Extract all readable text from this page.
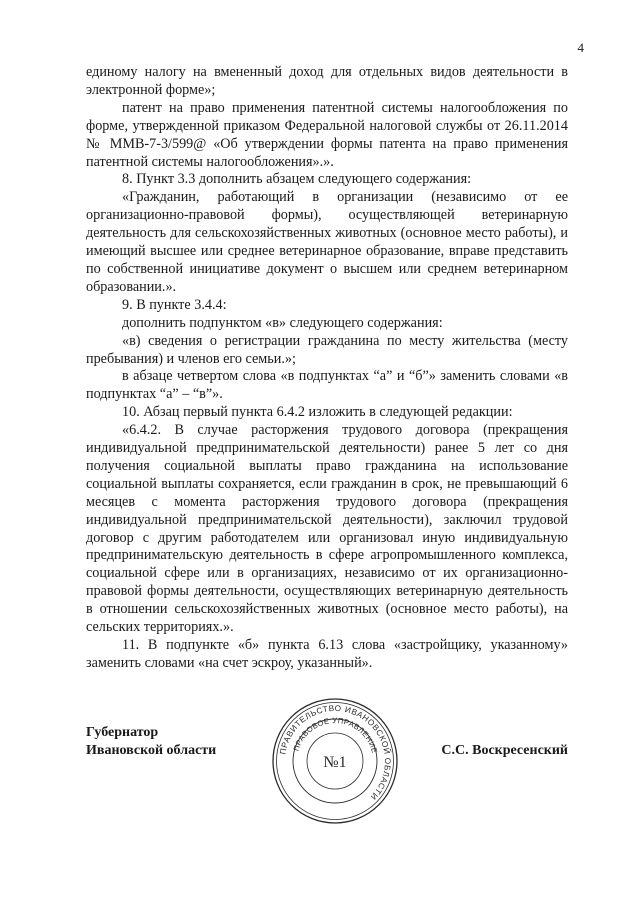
4

единому налогу на вмененный доход для отдельных видов деятельности в электронной форме»;

патент на право применения патентной системы налогообложения по форме, утвержденной приказом Федеральной налоговой службы от 26.11.2014 № ММВ-7-3/599@ «Об утверждении формы патента на право применения патентной системы налогообложения».».

8. Пункт 3.3 дополнить абзацем следующего содержания:

«Гражданин, работающий в организации (независимо от ее организационно-правовой формы), осуществляющей ветеринарную деятельность для сельскохозяйственных животных (основное место работы), и имеющий высшее или среднее ветеринарное образование, вправе представить по собственной инициативе документ о высшем или среднем ветеринарном образовании.».

9. В пункте 3.4.4:

дополнить подпунктом «в» следующего содержания:

«в) сведения о регистрации гражданина по месту жительства (месту пребывания) и членов его семьи.»;

в абзаце четвертом слова «в подпунктах “а” и “б”» заменить словами «в подпунктах “а” – “в”».

10. Абзац первый пункта 6.4.2 изложить в следующей редакции:

«6.4.2. В случае расторжения трудового договора (прекращения индивидуальной предпринимательской деятельности) ранее 5 лет со дня получения социальной выплаты право гражданина на использование социальной выплаты сохраняется, если гражданин в срок, не превышающий 6 месяцев с момента расторжения трудового договора (прекращения индивидуальной предпринимательской деятельности), заключил трудовой договор с другим работодателем или организовал иную индивидуальную предпринимательскую деятельность в сфере агропромышленного комплекса, социальной сфере или в организациях, независимо от их организационно-правовой формы деятельности, осуществляющих ветеринарную деятельность в отношении сельскохозяйственных животных (основное место работы), на сельских территориях.».

11. В подпункте «б» пункта 6.13 слова «застройщику, указанному» заменить словами «на счет эскроу, указанный».

Губернатор
Ивановской области	ПРАВИТЕЛЬСТВО ИВАНОВСКОЙ ОБЛАСТИ
ПРАВОВОЕ УПРАВЛЕНИЕ
№1
С.С. Воскресенский
